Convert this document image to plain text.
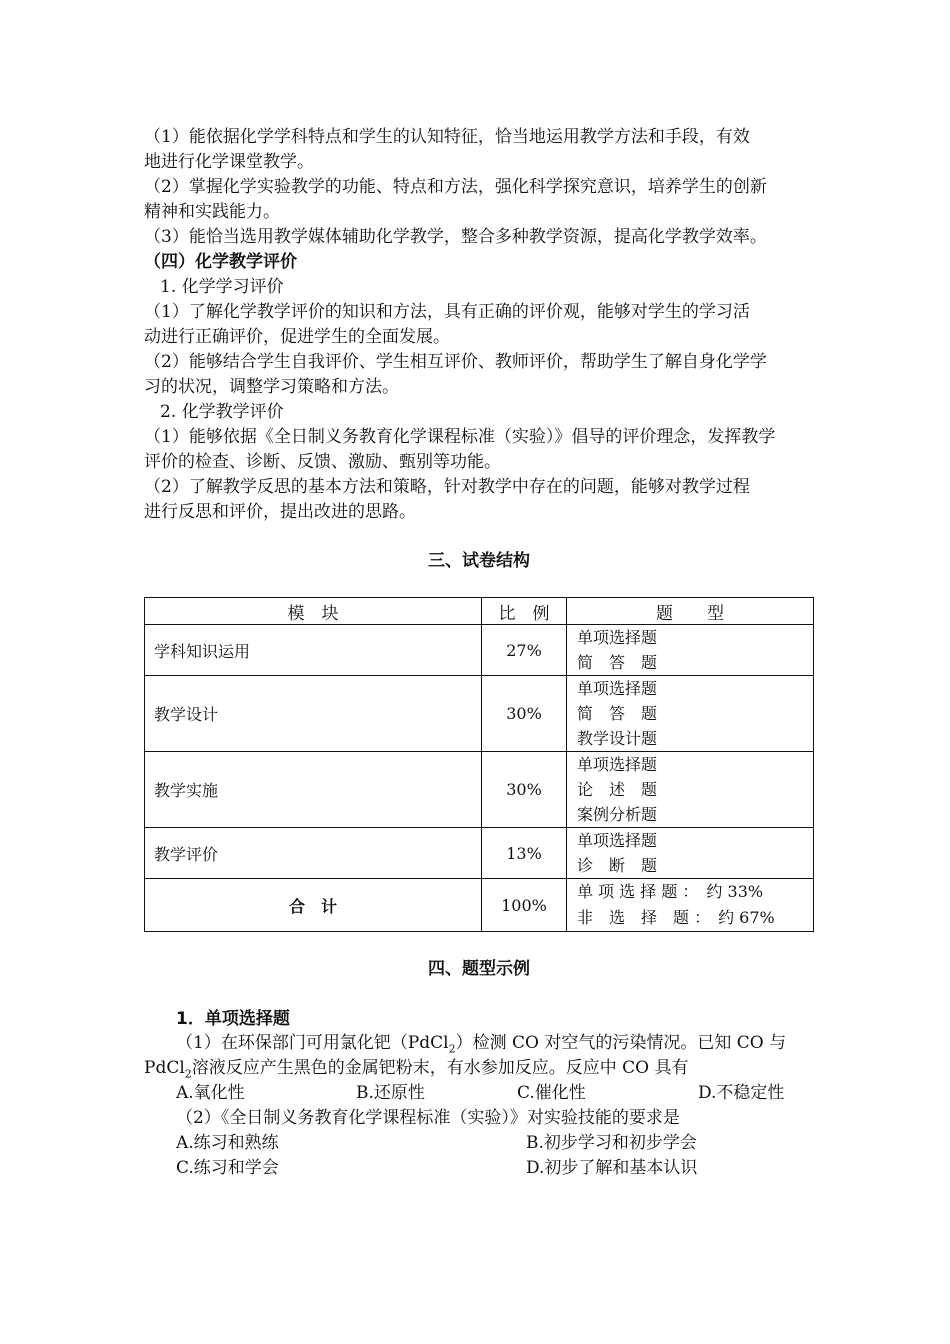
（1）能依据化学学科特点和学生的认知特征，恰当地运用教学方法和手段，有效
地进行化学课堂教学。
（2）掌握化学实验教学的功能、特点和方法，强化科学探究意识，培养学生的创新
精神和实践能力。
（3）能恰当选用教学媒体辅助化学教学，整合多种教学资源，提高化学教学效率。
（四）化学教学评价
1. 化学学习评价
（1）了解化学教学评价的知识和方法，具有正确的评价观，能够对学生的学习活
动进行正确评价，促进学生的全面发展。
（2）能够结合学生自我评价、学生相互评价、教师评价，帮助学生了解自身化学学
习的状况，调整学习策略和方法。
2. 化学教学评价
（1）能够依据《全日制义务教育化学课程标准（实验）》倡导的评价理念，发挥教学
评价的检查、诊断、反馈、激励、甄别等功能。
（2）了解教学反思的基本方法和策略，针对教学中存在的问题，能够对教学过程
进行反思和评价，提出改进的思路。
三、试卷结构
模　块	比　例	题　　型
学科知识运用	27%	单项选择题
简　答　题

教学设计	30%	单项选择题
简　答　题
教学设计题

教学实施	30%	单项选择题
论　述　题
案例分析题

教学评价	13%	单项选择题
诊　断　题

合　计	100%	单 项 选 择 题 ：　约 33%
非　选　择　题 ：　约 67%
四、题型示例
1．单项选择题
（1）在环保部门可用氯化钯（PdCl$_2$）检测 CO 对空气的污染情况。已知 CO 与
PdCl$_2$溶液反应产生黑色的金属钯粉末，有水参加反应。反应中 CO 具有
A.氧化性	B.还原性	C.催化性	D.不稳定性
（2）《全日制义务教育化学课程标准（实验）》对实验技能的要求是
A.练习和熟练	B.初步学习和初步学会
C.练习和学会	D.初步了解和基本认识
